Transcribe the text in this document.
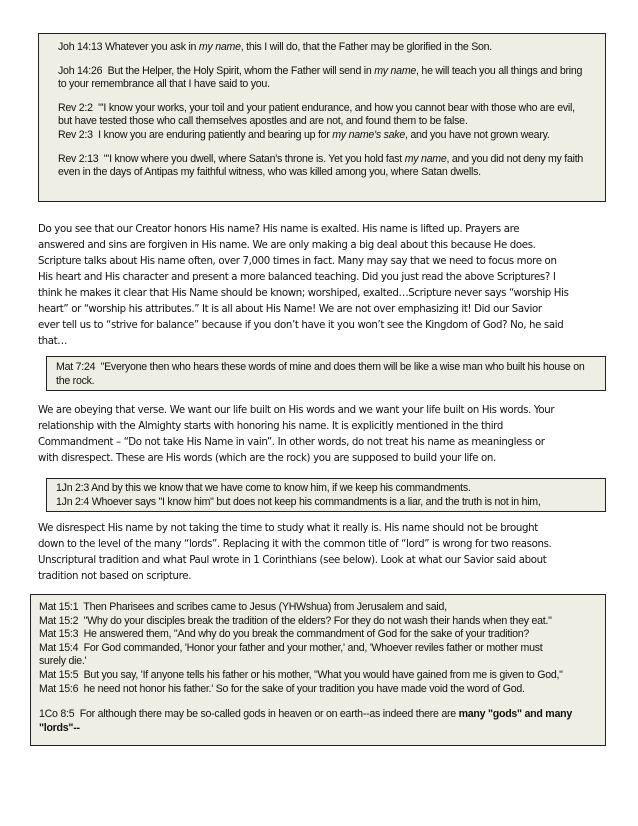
Joh 14:13 Whatever you ask in my name, this I will do, that the Father may be glorified in the Son.

Joh 14:26  But the Helper, the Holy Spirit, whom the Father will send in my name, he will teach you all things and bring

to your remembrance all that I have said to you.

Rev 2:2  "'I know your works, your toil and your patient endurance, and how you cannot bear with those who are evil,

but have tested those who call themselves apostles and are not, and found them to be false.

Rev 2:3  I know you are enduring patiently and bearing up for my name's sake, and you have not grown weary.

Rev 2:13  "'I know where you dwell, where Satan's throne is. Yet you hold fast my name, and you did not deny my faith

even in the days of Antipas my faithful witness, who was killed among you, where Satan dwells.

Do you see that our Creator honors His name? His name is exalted. His name is lifted up. Prayers are
answered and sins are forgiven in His name. We are only making a big deal about this because He does.
Scripture talks about His name often, over 7,000 times in fact. Many may say that we need to focus more on
His heart and His character and present a more balanced teaching. Did you just read the above Scriptures? I
think he makes it clear that His Name should be known; worshiped, exalted…Scripture never says “worship His
heart” or “worship his attributes.” It is all about His Name! We are not over emphasizing it! Did our Savior
ever tell us to “strive for balance” because if you don’t have it you won’t see the Kingdom of God? No, he said
that…

Mat 7:24  "Everyone then who hears these words of mine and does them will be like a wise man who built his house on

the rock.

We are obeying that verse. We want our life built on His words and we want your life built on His words. Your
relationship with the Almighty starts with honoring his name. It is explicitly mentioned in the third
Commandment – “Do not take His Name in vain”. In other words, do not treat his name as meaningless or
with disrespect. These are His words (which are the rock) you are supposed to build your life on.

1Jn 2:3 And by this we know that we have come to know him, if we keep his commandments.

1Jn 2:4 Whoever says "I know him" but does not keep his commandments is a liar, and the truth is not in him,

We disrespect His name by not taking the time to study what it really is. His name should not be brought
down to the level of the many “lords”. Replacing it with the common title of “lord” is wrong for two reasons.
Unscriptural tradition and what Paul wrote in 1 Corinthians (see below). Look at what our Savior said about
tradition not based on scripture.

Mat 15:1  Then Pharisees and scribes came to Jesus (YHWshua) from Jerusalem and said,

Mat 15:2  "Why do your disciples break the tradition of the elders? For they do not wash their hands when they eat."

Mat 15:3  He answered them, "And why do you break the commandment of God for the sake of your tradition?

Mat 15:4  For God commanded, 'Honor your father and your mother,' and, 'Whoever reviles father or mother must

surely die.'

Mat 15:5  But you say, 'If anyone tells his father or his mother, "What you would have gained from me is given to God,"

Mat 15:6  he need not honor his father.' So for the sake of your tradition you have made void the word of God.

1Co 8:5  For although there may be so-called gods in heaven or on earth--as indeed there are many "gods" and many

"lords"--
